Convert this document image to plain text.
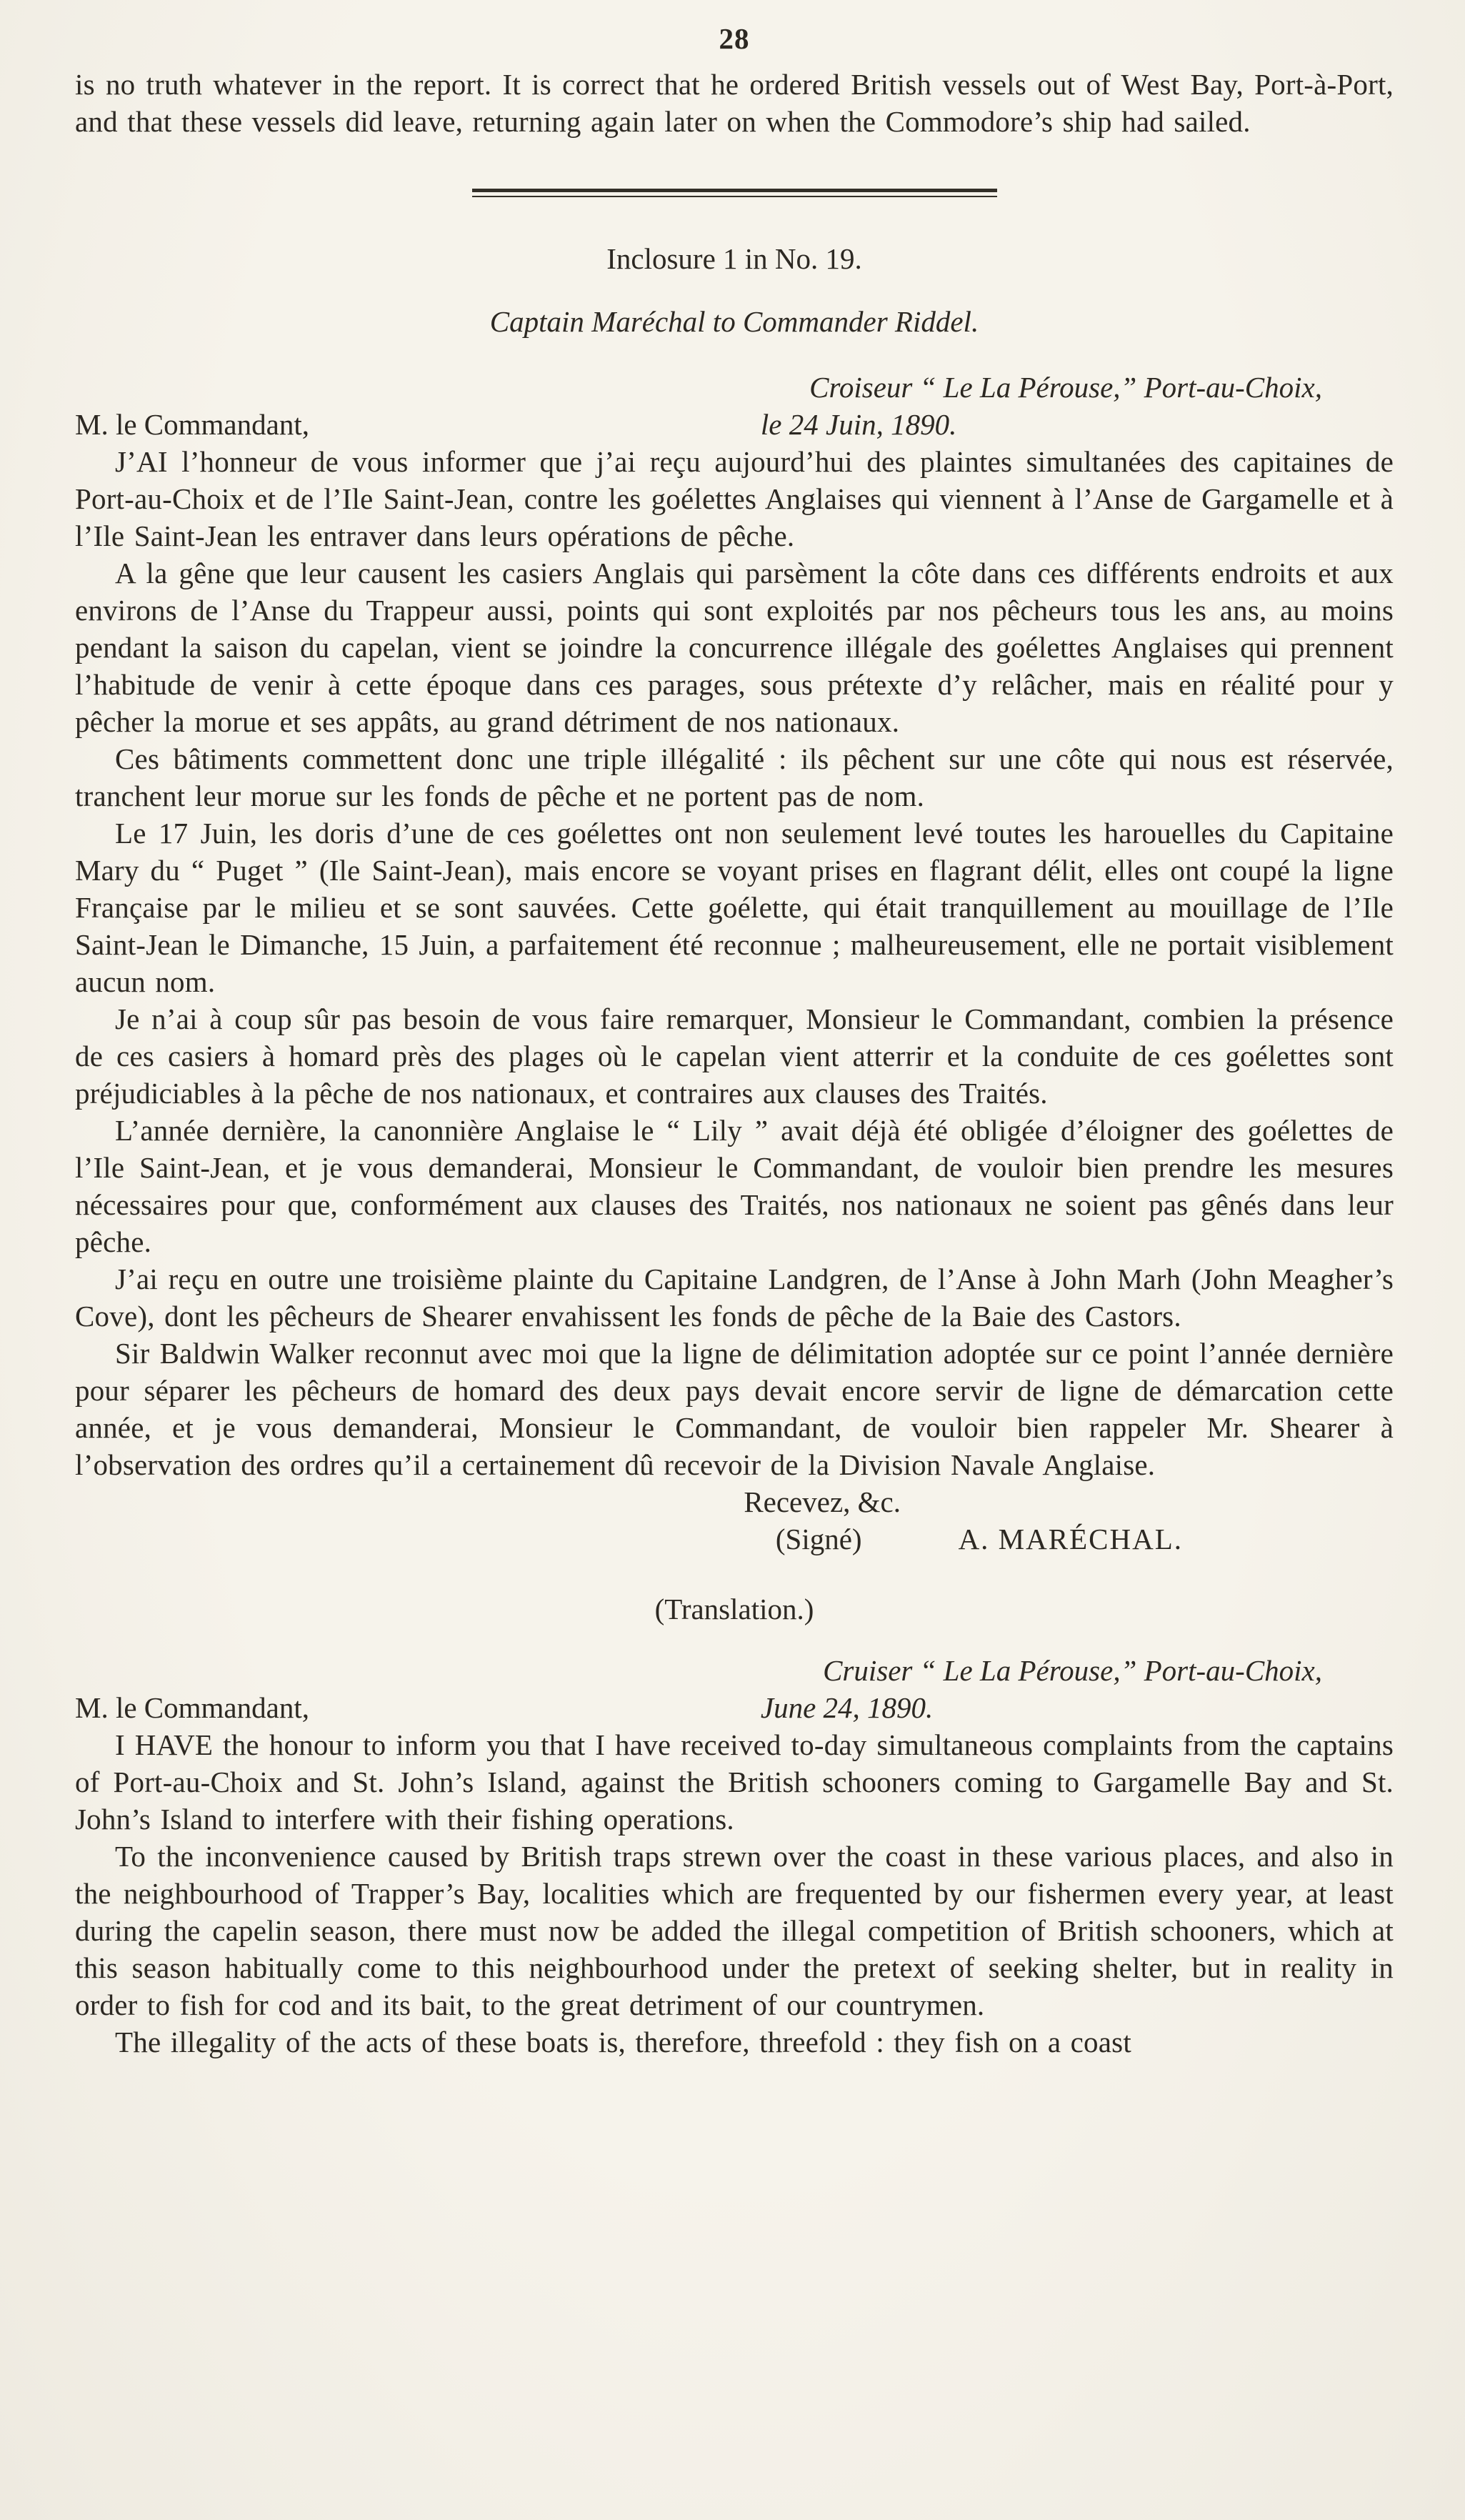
28

is no truth whatever in the report. It is correct that he ordered British vessels out of West Bay, Port-à-Port, and that these vessels did leave, returning again later on when the Commodore’s ship had sailed.

Inclosure 1 in No. 19.
Captain Maréchal to Commander Riddel.
Croiseur “ Le La Pérouse,” Port-au-Choix,
M. le Commandant,	le 24 Juin, 1890.

J’AI l’honneur de vous informer que j’ai reçu aujourd’hui des plaintes simultanées des capitaines de Port-au-Choix et de l’Ile Saint-Jean, contre les goélettes Anglaises qui viennent à l’Anse de Gargamelle et à l’Ile Saint-Jean les entraver dans leurs opérations de pêche.

A la gêne que leur causent les casiers Anglais qui parsèment la côte dans ces différents endroits et aux environs de l’Anse du Trappeur aussi, points qui sont exploités par nos pêcheurs tous les ans, au moins pendant la saison du capelan, vient se joindre la concurrence illégale des goélettes Anglaises qui prennent l’habitude de venir à cette époque dans ces parages, sous prétexte d’y relâcher, mais en réalité pour y pêcher la morue et ses appâts, au grand détriment de nos nationaux.

Ces bâtiments commettent donc une triple illégalité : ils pêchent sur une côte qui nous est réservée, tranchent leur morue sur les fonds de pêche et ne portent pas de nom.

Le 17 Juin, les doris d’une de ces goélettes ont non seulement levé toutes les harouelles du Capitaine Mary du “ Puget ” (Ile Saint-Jean), mais encore se voyant prises en flagrant délit, elles ont coupé la ligne Française par le milieu et se sont sauvées. Cette goélette, qui était tranquillement au mouillage de l’Ile Saint-Jean le Dimanche, 15 Juin, a parfaitement été reconnue ; malheureusement, elle ne portait visiblement aucun nom.

Je n’ai à coup sûr pas besoin de vous faire remarquer, Monsieur le Commandant, combien la présence de ces casiers à homard près des plages où le capelan vient atterrir et la conduite de ces goélettes sont préjudiciables à la pêche de nos nationaux, et contraires aux clauses des Traités.

L’année dernière, la canonnière Anglaise le “ Lily ” avait déjà été obligée d’éloigner des goélettes de l’Ile Saint-Jean, et je vous demanderai, Monsieur le Commandant, de vouloir bien prendre les mesures nécessaires pour que, conformément aux clauses des Traités, nos nationaux ne soient pas gênés dans leur pêche.

J’ai reçu en outre une troisième plainte du Capitaine Landgren, de l’Anse à John Marh (John Meagher’s Cove), dont les pêcheurs de Shearer envahissent les fonds de pêche de la Baie des Castors.

Sir Baldwin Walker reconnut avec moi que la ligne de délimitation adoptée sur ce point l’année dernière pour séparer les pêcheurs de homard des deux pays devait encore servir de ligne de démarcation cette année, et je vous demanderai, Monsieur le Commandant, de vouloir bien rappeler Mr. Shearer à l’observation des ordres qu’il a certainement dû recevoir de la Division Navale Anglaise.

Recevez, &c.
(Signé)	A. MARÉCHAL.
(Translation.)
Cruiser “ Le La Pérouse,” Port-au-Choix,
M. le Commandant,	June 24, 1890.

I HAVE the honour to inform you that I have received to-day simultaneous complaints from the captains of Port-au-Choix and St. John’s Island, against the British schooners coming to Gargamelle Bay and St. John’s Island to interfere with their fishing operations.

To the inconvenience caused by British traps strewn over the coast in these various places, and also in the neighbourhood of Trapper’s Bay, localities which are frequented by our fishermen every year, at least during the capelin season, there must now be added the illegal competition of British schooners, which at this season habitually come to this neighbourhood under the pretext of seeking shelter, but in reality in order to fish for cod and its bait, to the great detriment of our countrymen.

The illegality of the acts of these boats is, therefore, threefold : they fish on a coast
